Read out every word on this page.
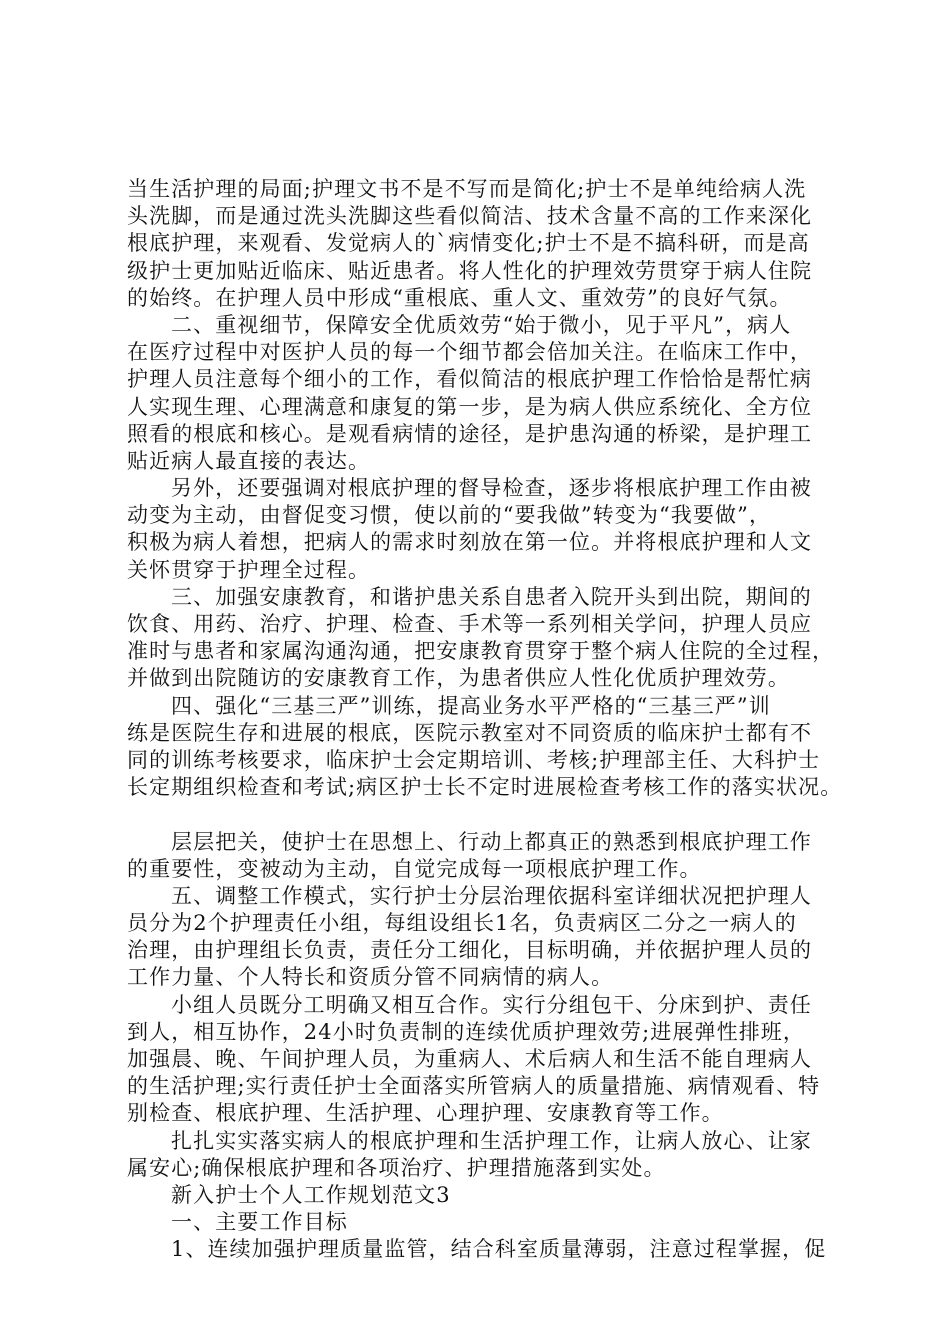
当生活护理的局面;护理文书不是不写而是简化;护士不是单纯给病人洗
头洗脚，而是通过洗头洗脚这些看似简洁、技术含量不高的工作来深化
根底护理，来观看、发觉病人的`病情变化;护士不是不搞科研，而是高
级护士更加贴近临床、贴近患者。将人性化的护理效劳贯穿于病人住院
的始终。在护理人员中形成“重根底、重人文、重效劳”的良好气氛。
二、重视细节，保障安全优质效劳“始于微小，见于平凡”，病人
在医疗过程中对医护人员的每一个细节都会倍加关注。在临床工作中，
护理人员注意每个细小的工作，看似简洁的根底护理工作恰恰是帮忙病
人实现生理、心理满意和康复的第一步，是为病人供应系统化、全方位
照看的根底和核心。是观看病情的途径，是护患沟通的桥梁，是护理工
贴近病人最直接的表达。
另外，还要强调对根底护理的督导检查，逐步将根底护理工作由被
动变为主动，由督促变习惯，使以前的“要我做”转变为“我要做”，
积极为病人着想，把病人的需求时刻放在第一位。并将根底护理和人文
关怀贯穿于护理全过程。
三、加强安康教育，和谐护患关系自患者入院开头到出院，期间的
饮食、用药、治疗、护理、检查、手术等一系列相关学问，护理人员应
准时与患者和家属沟通沟通，把安康教育贯穿于整个病人住院的全过程，
并做到出院随访的安康教育工作，为患者供应人性化优质护理效劳。
四、强化“三基三严”训练，提高业务水平严格的“三基三严”训
练是医院生存和进展的根底，医院示教室对不同资质的临床护士都有不
同的训练考核要求，临床护士会定期培训、考核;护理部主任、大科护士
长定期组织检查和考试;病区护士长不定时进展检查考核工作的落实状况。
层层把关，使护士在思想上、行动上都真正的熟悉到根底护理工作
的重要性，变被动为主动，自觉完成每一项根底护理工作。
五、调整工作模式，实行护士分层治理依据科室详细状况把护理人
员分为2个护理责任小组，每组设组长1名，负责病区二分之一病人的
治理，由护理组长负责，责任分工细化，目标明确，并依据护理人员的
工作力量、个人特长和资质分管不同病情的病人。
小组人员既分工明确又相互合作。实行分组包干、分床到护、责任
到人，相互协作，24小时负责制的连续优质护理效劳;进展弹性排班，
加强晨、晚、午间护理人员，为重病人、术后病人和生活不能自理病人
的生活护理;实行责任护士全面落实所管病人的质量措施、病情观看、特
别检查、根底护理、生活护理、心理护理、安康教育等工作。
扎扎实实落实病人的根底护理和生活护理工作，让病人放心、让家
属安心;确保根底护理和各项治疗、护理措施落到实处。
新入护士个人工作规划范文3
一、主要工作目标
1、连续加强护理质量监管，结合科室质量薄弱，注意过程掌握，促
